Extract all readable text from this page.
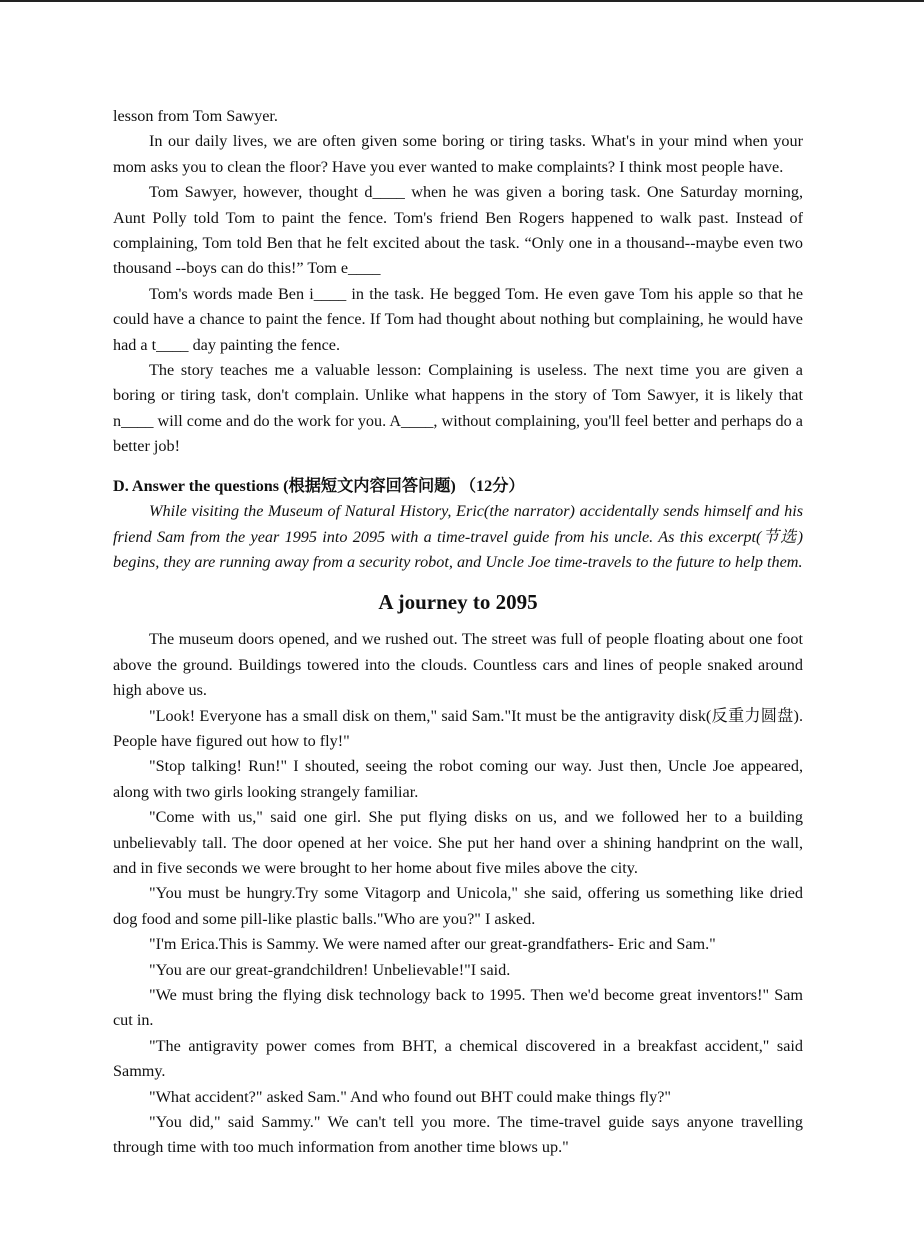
lesson from Tom Sawyer.

In our daily lives, we are often given some boring or tiring tasks. What's in your mind when your mom asks you to clean the floor? Have you ever wanted to make complaints? I think most people have.

Tom Sawyer, however, thought d____ when he was given a boring task. One Saturday morning, Aunt Polly told Tom to paint the fence. Tom's friend Ben Rogers happened to walk past. Instead of complaining, Tom told Ben that he felt excited about the task. “Only one in a thousand--maybe even two thousand --boys can do this!” Tom e____

Tom's words made Ben i____ in the task. He begged Tom. He even gave Tom his apple so that he could have a chance to paint the fence. If Tom had thought about nothing but complaining, he would have had a t____ day painting the fence.

The story teaches me a valuable lesson: Complaining is useless. The next time you are given a boring or tiring task, don't complain. Unlike what happens in the story of Tom Sawyer, it is likely that n____ will come and do the work for you. A____, without complaining, you'll feel better and perhaps do a better job!

D. Answer the questions (根据短文内容回答问题) （12分）

While visiting the Museum of Natural History, Eric(the narrator) accidentally sends himself and his friend Sam from the year 1995 into 2095 with a time-travel guide from his uncle. As this excerpt(节选) begins, they are running away from a security robot, and Uncle Joe time-travels to the future to help them.

A journey to 2095

The museum doors opened, and we rushed out. The street was full of people floating about one foot above the ground. Buildings towered into the clouds. Countless cars and lines of people snaked around high above us.

"Look! Everyone has a small disk on them," said Sam."It must be the antigravity disk(反重力圆盘). People have figured out how to fly!"

"Stop talking! Run!" I shouted, seeing the robot coming our way. Just then, Uncle Joe appeared, along with two girls looking strangely familiar.

"Come with us," said one girl. She put flying disks on us, and we followed her to a building unbelievably tall. The door opened at her voice. She put her hand over a shining handprint on the wall, and in five seconds we were brought to her home about five miles above the city.

"You must be hungry.Try some Vitagorp and Unicola," she said, offering us something like dried dog food and some pill-like plastic balls."Who are you?" I asked.

"I'm Erica.This is Sammy. We were named after our great-grandfathers- Eric and Sam."

"You are our great-grandchildren! Unbelievable!"I said.

"We must bring the flying disk technology back to 1995. Then we'd become great inventors!" Sam cut in.

"The antigravity power comes from BHT, a chemical discovered in a breakfast accident," said Sammy.

"What accident?" asked Sam." And who found out BHT could make things fly?"

"You did," said Sammy." We can't tell you more. The time-travel guide says anyone travelling through time with too much information from another time blows up."
